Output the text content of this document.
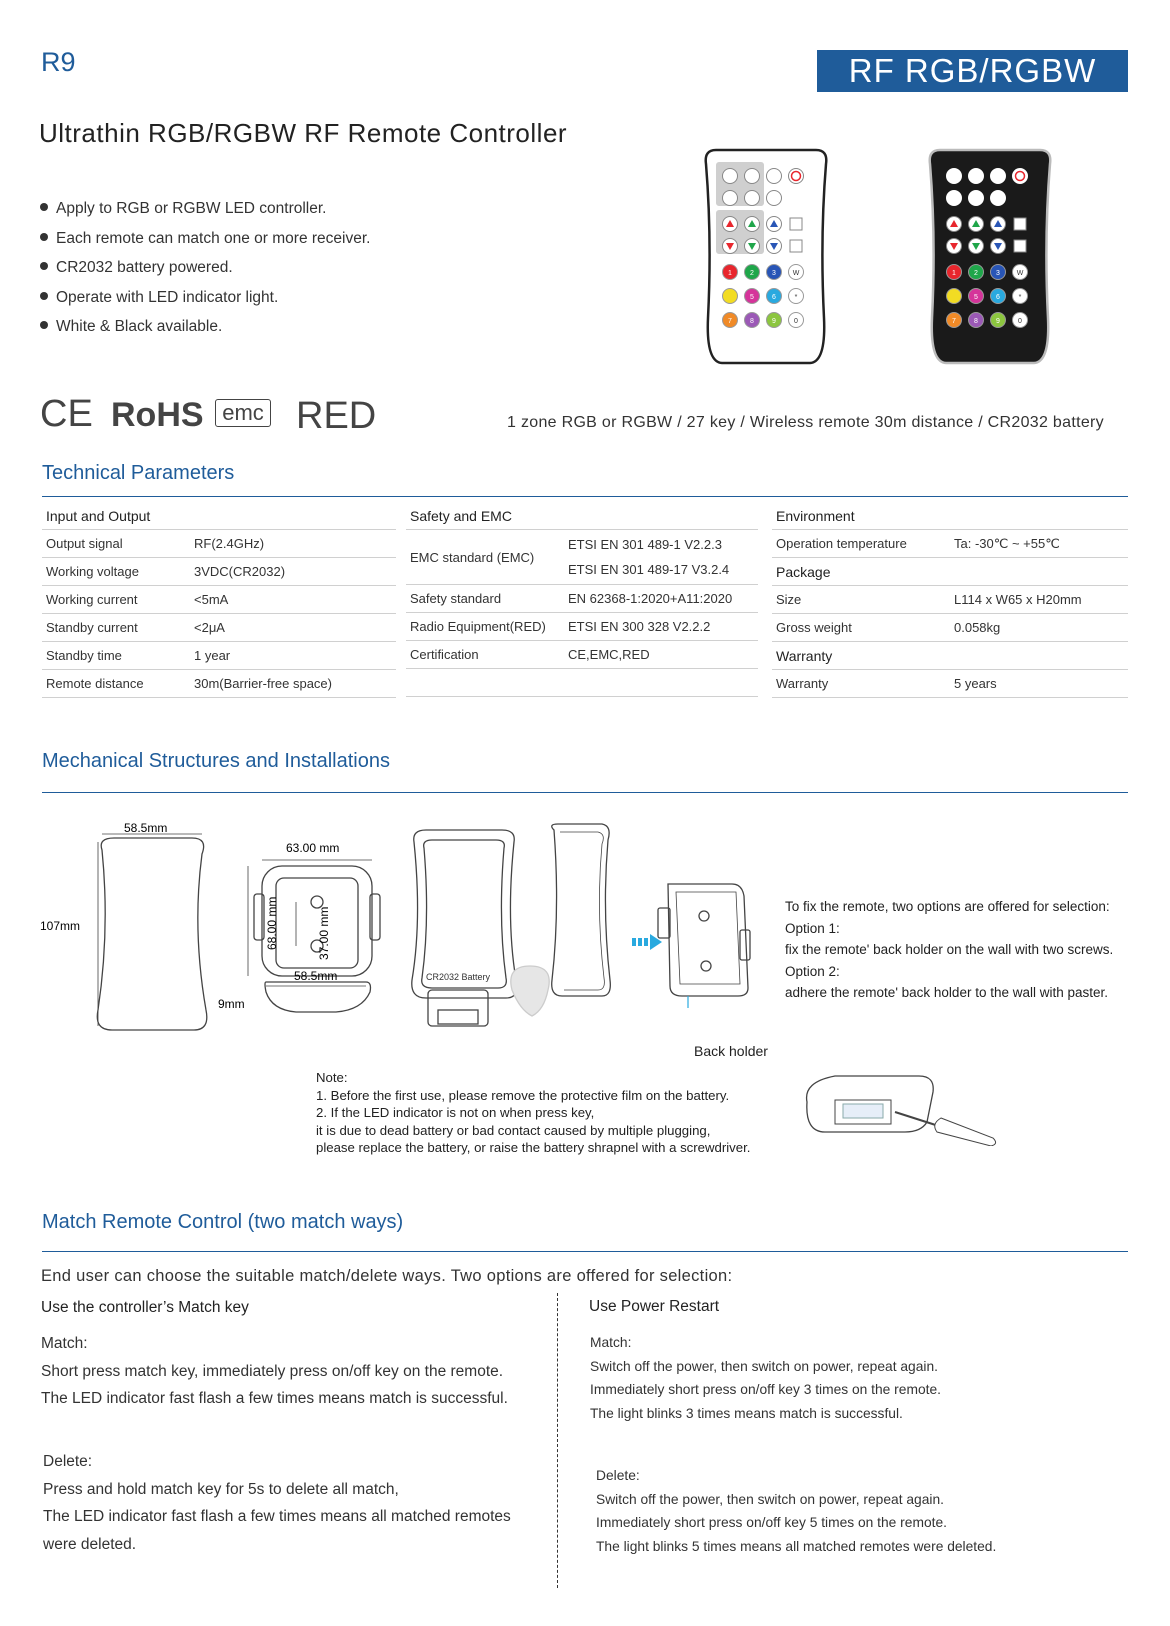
R9	RF RGB/RGBW
Ultrathin RGB/RGBW RF Remote Controller
Apply to RGB or RGBW LED controller.
Each remote can match one or more receiver.
CR2032 battery powered.
Operate with LED indicator light.
White & Black available.
1	2	3 W
5	6	*
7	8	9	0
1	2	3 W
5	6	*
7	8	9	0
CE RoHS emc RED	1 zone RGB or RGBW / 27 key / Wireless remote 30m distance / CR2032 battery
Technical Parameters
Input and Output	
Output signal	RF(2.4GHz)
Working voltage	3VDC(CR2032)
Working current	<5mA
Standby current	<2μA
Standby time	1 year
Remote distance	30m(Barrier-free space)
Safety and EMC	
EMC standard (EMC)	ETSI EN 301 489-1 V2.2.3
ETSI EN 301 489-17 V3.2.4

Safety standard	EN 62368-1:2020+A11:2020
Radio Equipment(RED)	ETSI EN 300 328 V2.2.2
Certification	CE,EMC,RED

Environment	
Operation temperature	Ta: -30℃ ~ +55℃
Package	
Size	L114 x W65 x H20mm
Gross weight	0.058kg
Warranty	
Warranty	5 years
Mechanical Structures and Installations
58.5mm
107mm
63.00 mm
68.00 mm	37.00 mm
58.5mm
9mm
CR2032 Battery
Back holder
To fix the remote, two options are offered for selection:
Option 1:
fix the remote' back holder on the wall with two screws.
Option 2:
adhere the remote' back holder to the wall with paster.
Note:
1. Before the first use, please remove the protective film on the battery.
2. If the LED indicator is not on when press key,
it is due to dead battery or bad contact caused by multiple plugging,
please replace the battery, or raise the battery shrapnel with a screwdriver.
Match Remote Control (two match ways)
End user can choose the suitable match/delete ways. Two options are offered for selection:
Use the controller’s Match key
Match:
Short press match key, immediately press on/off key on the remote.
The LED indicator fast flash a few times means match is successful.
Delete:
Press and hold match key for 5s to delete all match,
The LED indicator fast flash a few times means all matched remotes
were deleted.
Use Power Restart
Match:
Switch off the power, then switch on power, repeat again.
Immediately short press on/off key 3 times on the remote.
The light blinks 3 times means match is successful.
Delete:
Switch off the power, then switch on power, repeat again.
Immediately short press on/off key 5 times on the remote.
The light blinks 5 times means all matched remotes were deleted.
